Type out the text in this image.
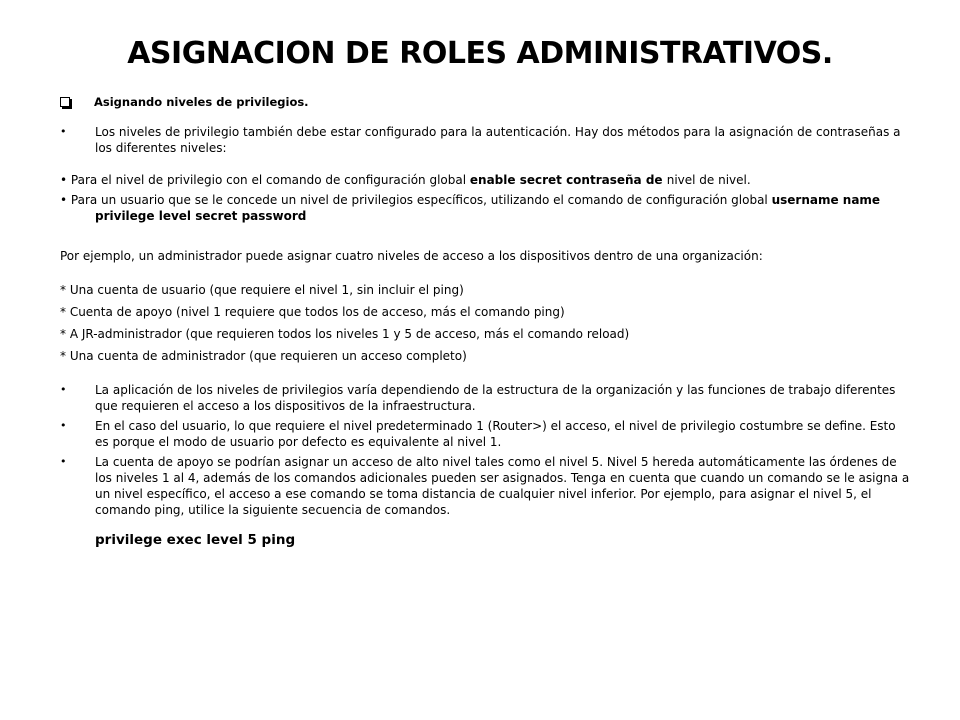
ASIGNACION DE ROLES ADMINISTRATIVOS.
Asignando niveles de privilegios.
•	Los niveles de privilegio también debe estar configurado para la autenticación. Hay dos métodos para la asignación de contraseñas a los diferentes niveles:
• Para el nivel de privilegio con el comando de configuración global enable secret contraseña de nivel de nivel.
• Para un usuario que se le concede un nivel de privilegios específicos, utilizando el comando de configuración global username name privilege level secret password

Por ejemplo, un administrador puede asignar cuatro niveles de acceso a los dispositivos dentro de una organización:

* Una cuenta de usuario (que requiere el nivel 1, sin incluir el ping)

* Cuenta de apoyo (nivel 1 requiere que todos los de acceso, más el comando ping)

* A JR-administrador (que requieren todos los niveles 1 y 5 de acceso, más el comando reload)

* Una cuenta de administrador (que requieren un acceso completo)

•	La aplicación de los niveles de privilegios varía dependiendo de la estructura de la organización y las funciones de trabajo diferentes que requieren el acceso a los dispositivos de la infraestructura.
•	En el caso del usuario, lo que requiere el nivel predeterminado 1 (Router>) el acceso, el nivel de privilegio costumbre se define. Esto es porque el modo de usuario por defecto es equivalente al nivel 1.
•	La cuenta de apoyo se podrían asignar un acceso de alto nivel tales como el nivel 5. Nivel 5 hereda automáticamente las órdenes de los niveles 1 al 4, además de los comandos adicionales pueden ser asignados. Tenga en cuenta que cuando un comando se le asigna a un nivel específico, el acceso a ese comando se toma distancia de cualquier nivel inferior. Por ejemplo, para asignar el nivel 5, el comando ping, utilice la siguiente secuencia de comandos.
privilege exec level 5 ping
